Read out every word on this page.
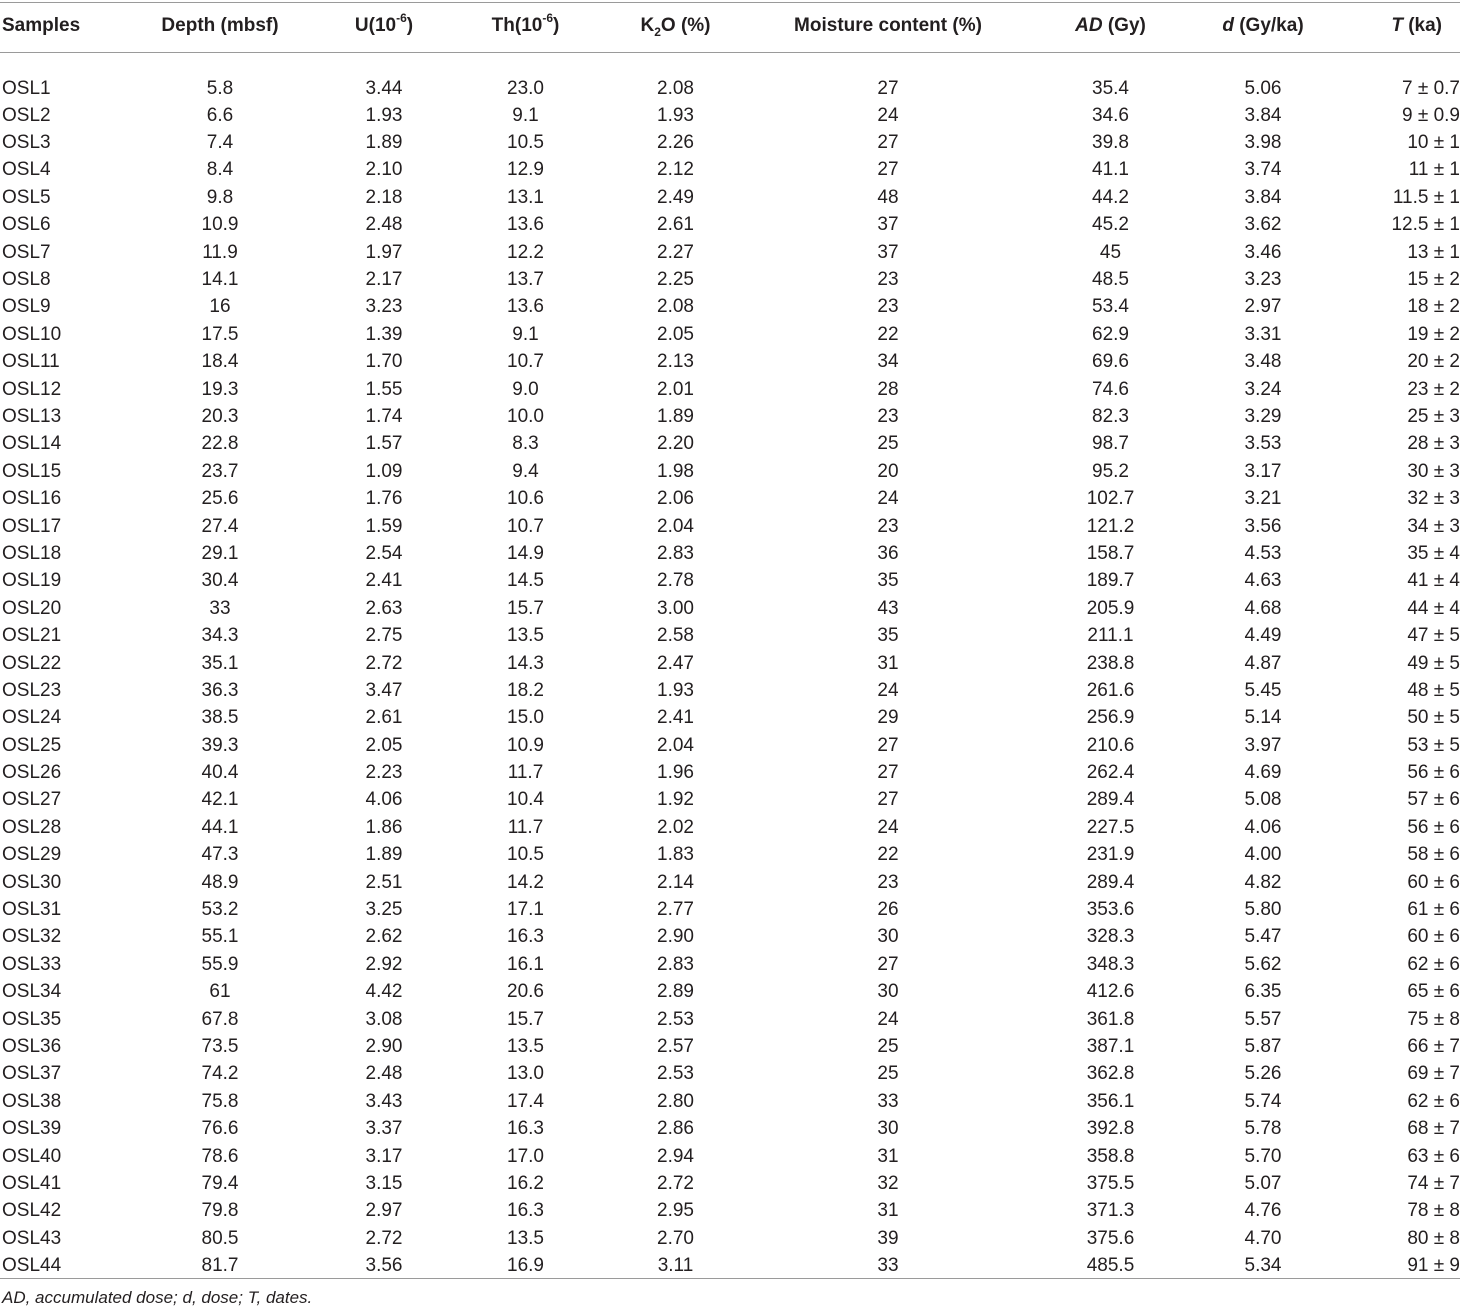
Samples	Depth (mbsf)	$U(10^{-6})$	$Th(10^{-6})$	$K_2O$ (%)	Moisture content (%)	AD (Gy)	d (Gy/ka)	T (ka)
OSL1	5.8	3.44	23.0	2.08	27	35.4	5.06	7 ± 0.7
OSL2	6.6	1.93	9.1	1.93	24	34.6	3.84	9 ± 0.9
OSL3	7.4	1.89	10.5	2.26	27	39.8	3.98	10 ± 1
OSL4	8.4	2.10	12.9	2.12	27	41.1	3.74	11 ± 1
OSL5	9.8	2.18	13.1	2.49	48	44.2	3.84	11.5 ± 1
OSL6	10.9	2.48	13.6	2.61	37	45.2	3.62	12.5 ± 1
OSL7	11.9	1.97	12.2	2.27	37	45	3.46	13 ± 1
OSL8	14.1	2.17	13.7	2.25	23	48.5	3.23	15 ± 2
OSL9	16	3.23	13.6	2.08	23	53.4	2.97	18 ± 2
OSL10	17.5	1.39	9.1	2.05	22	62.9	3.31	19 ± 2
OSL11	18.4	1.70	10.7	2.13	34	69.6	3.48	20 ± 2
OSL12	19.3	1.55	9.0	2.01	28	74.6	3.24	23 ± 2
OSL13	20.3	1.74	10.0	1.89	23	82.3	3.29	25 ± 3
OSL14	22.8	1.57	8.3	2.20	25	98.7	3.53	28 ± 3
OSL15	23.7	1.09	9.4	1.98	20	95.2	3.17	30 ± 3
OSL16	25.6	1.76	10.6	2.06	24	102.7	3.21	32 ± 3
OSL17	27.4	1.59	10.7	2.04	23	121.2	3.56	34 ± 3
OSL18	29.1	2.54	14.9	2.83	36	158.7	4.53	35 ± 4
OSL19	30.4	2.41	14.5	2.78	35	189.7	4.63	41 ± 4
OSL20	33	2.63	15.7	3.00	43	205.9	4.68	44 ± 4
OSL21	34.3	2.75	13.5	2.58	35	211.1	4.49	47 ± 5
OSL22	35.1	2.72	14.3	2.47	31	238.8	4.87	49 ± 5
OSL23	36.3	3.47	18.2	1.93	24	261.6	5.45	48 ± 5
OSL24	38.5	2.61	15.0	2.41	29	256.9	5.14	50 ± 5
OSL25	39.3	2.05	10.9	2.04	27	210.6	3.97	53 ± 5
OSL26	40.4	2.23	11.7	1.96	27	262.4	4.69	56 ± 6
OSL27	42.1	4.06	10.4	1.92	27	289.4	5.08	57 ± 6
OSL28	44.1	1.86	11.7	2.02	24	227.5	4.06	56 ± 6
OSL29	47.3	1.89	10.5	1.83	22	231.9	4.00	58 ± 6
OSL30	48.9	2.51	14.2	2.14	23	289.4	4.82	60 ± 6
OSL31	53.2	3.25	17.1	2.77	26	353.6	5.80	61 ± 6
OSL32	55.1	2.62	16.3	2.90	30	328.3	5.47	60 ± 6
OSL33	55.9	2.92	16.1	2.83	27	348.3	5.62	62 ± 6
OSL34	61	4.42	20.6	2.89	30	412.6	6.35	65 ± 6
OSL35	67.8	3.08	15.7	2.53	24	361.8	5.57	75 ± 8
OSL36	73.5	2.90	13.5	2.57	25	387.1	5.87	66 ± 7
OSL37	74.2	2.48	13.0	2.53	25	362.8	5.26	69 ± 7
OSL38	75.8	3.43	17.4	2.80	33	356.1	5.74	62 ± 6
OSL39	76.6	3.37	16.3	2.86	30	392.8	5.78	68 ± 7
OSL40	78.6	3.17	17.0	2.94	31	358.8	5.70	63 ± 6
OSL41	79.4	3.15	16.2	2.72	32	375.5	5.07	74 ± 7
OSL42	79.8	2.97	16.3	2.95	31	371.3	4.76	78 ± 8
OSL43	80.5	2.72	13.5	2.70	39	375.6	4.70	80 ± 8
OSL44	81.7	3.56	16.9	3.11	33	485.5	5.34	91 ± 9
AD, accumulated dose; d, dose; T, dates.
